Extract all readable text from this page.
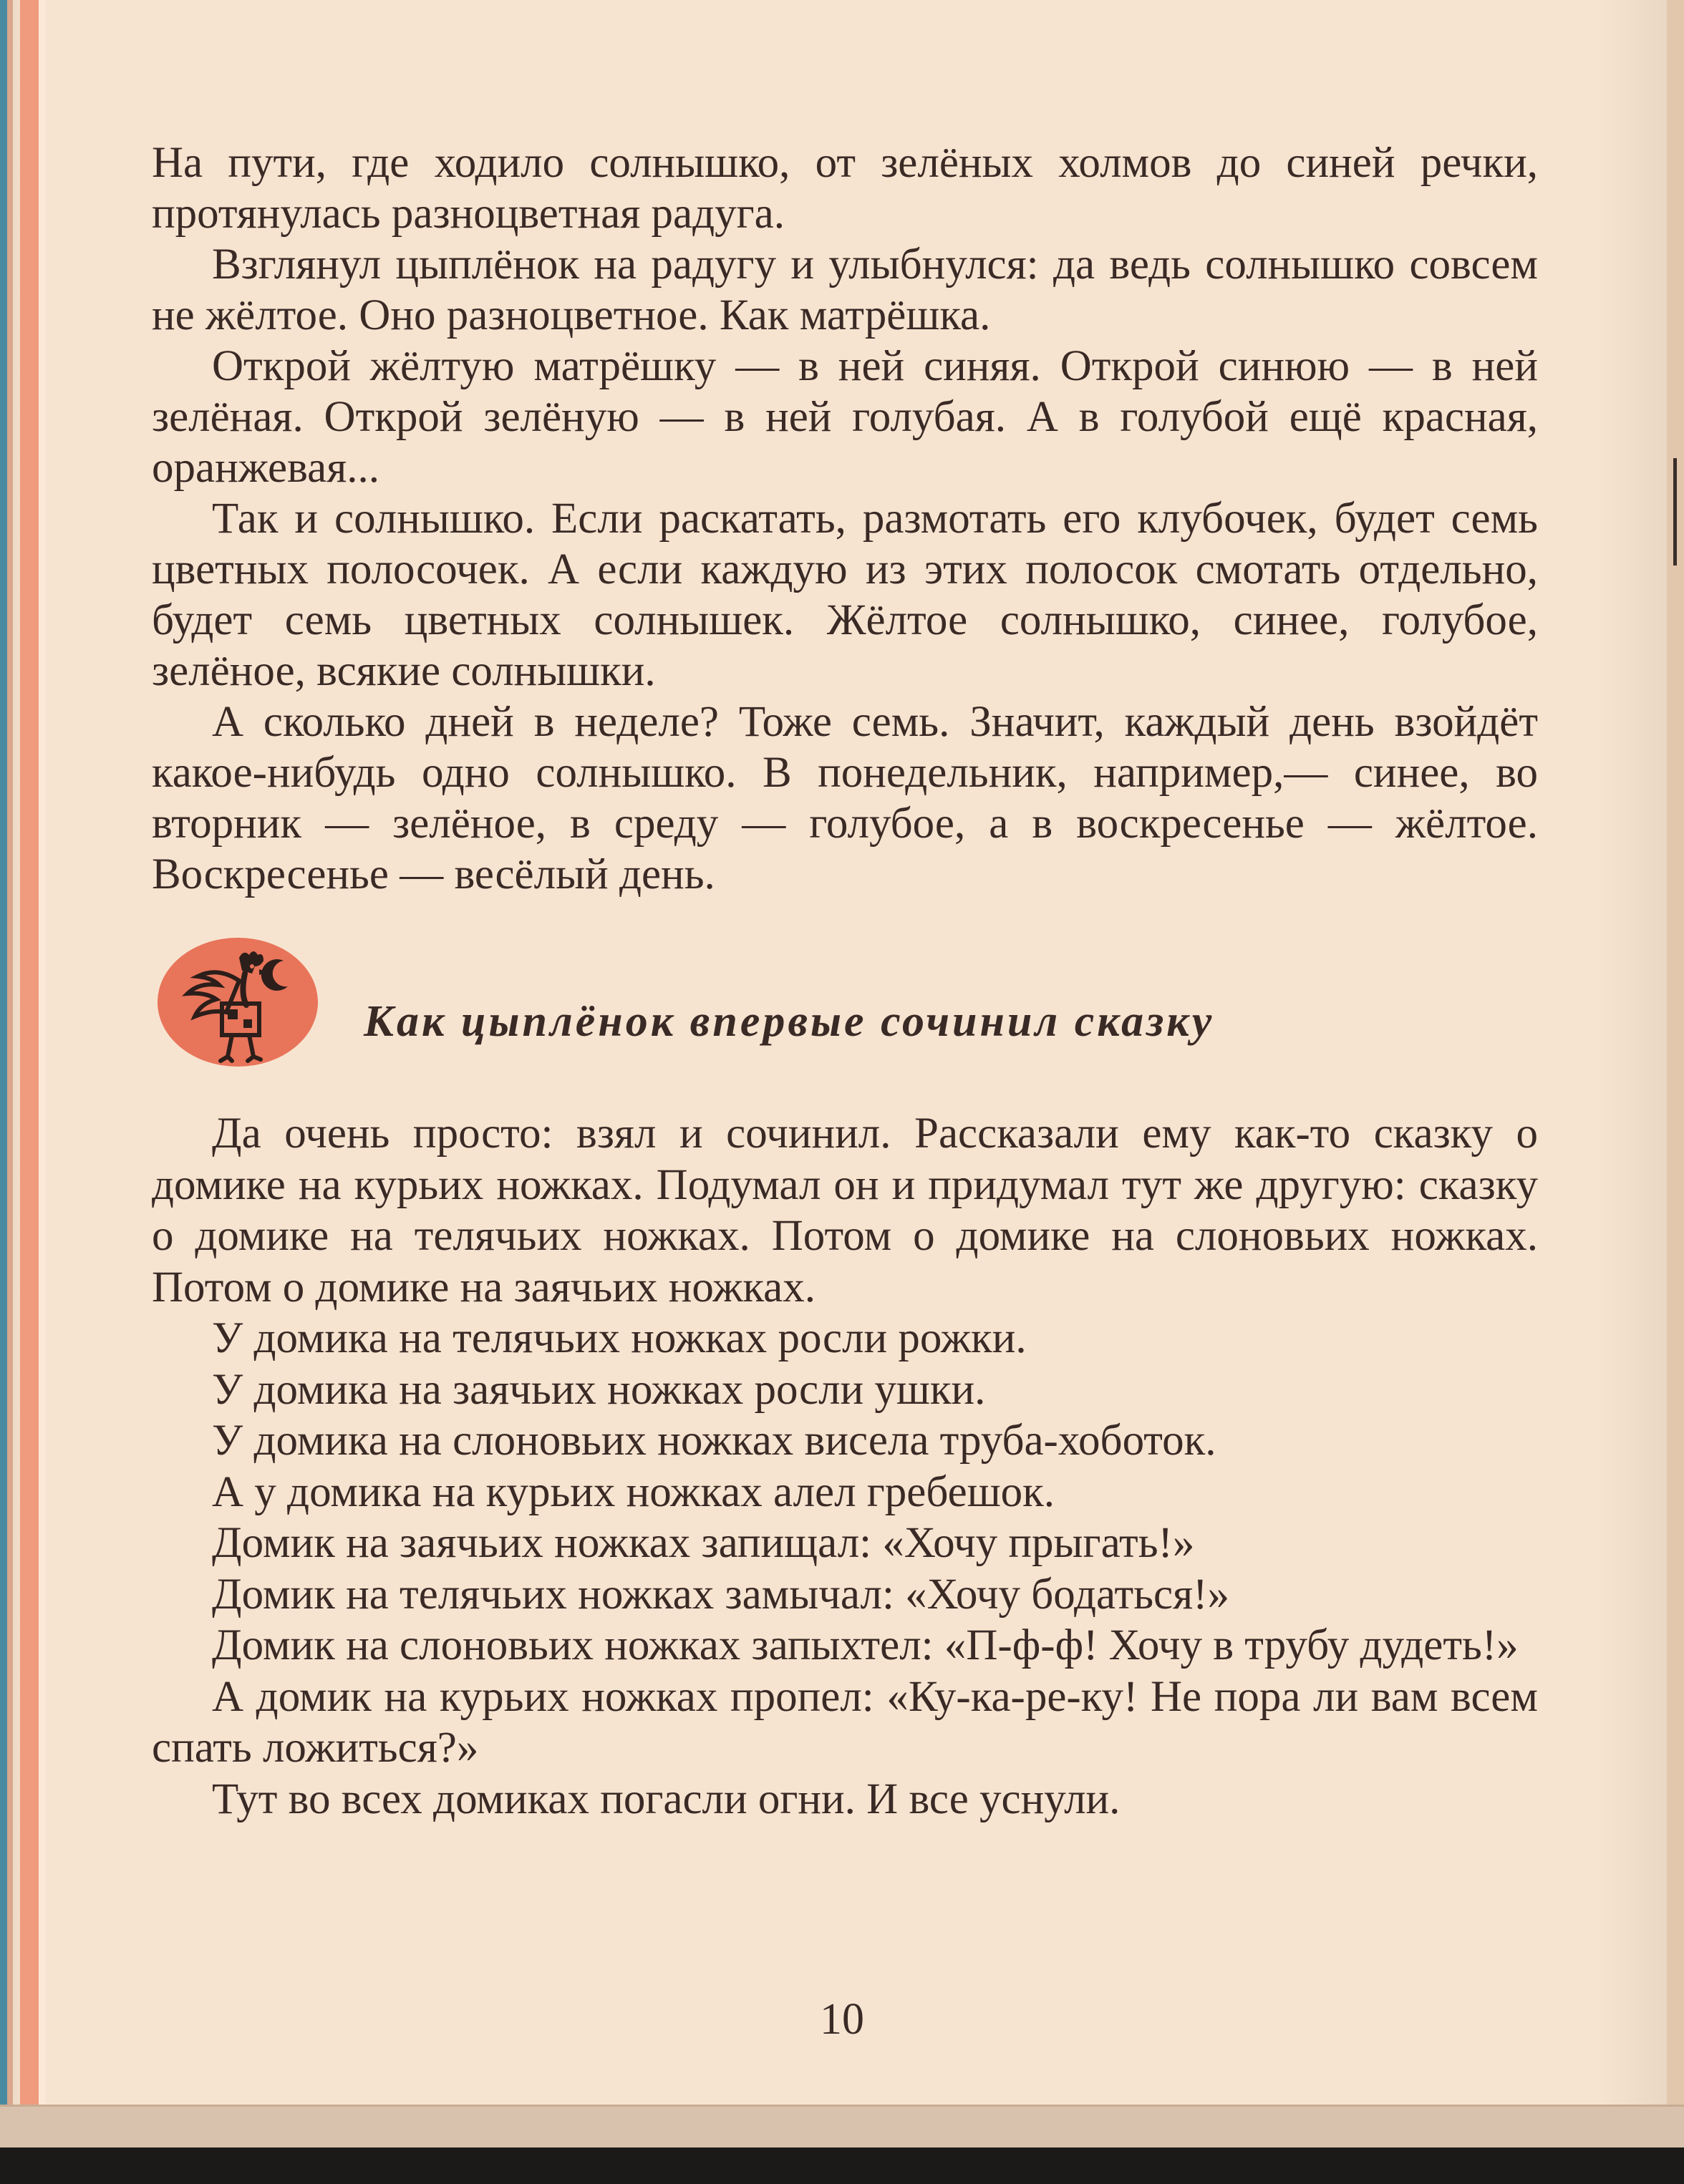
На пути, где ходило солнышко, от зелёных холмов до синей речки, протянулась разноцветная радуга.

Взглянул цыплёнок на радугу и улыбнулся: да ведь солнышко совсем не жёлтое. Оно разноцветное. Как матрёшка.

Открой жёлтую матрёшку — в ней синяя. Открой синюю — в ней зелёная. Открой зелёную — в ней голубая. А в голубой ещё красная, оранжевая...

Так и солнышко. Если раскатать, размотать его клубочек, будет семь цветных полосочек. А если каждую из этих полосок смотать отдельно, будет семь цветных солнышек. Жёлтое солнышко, синее, голубое, зелёное, всякие солнышки.

А сколько дней в неделе? Тоже семь. Значит, каждый день взойдёт какое-нибудь одно солнышко. В понедельник, например,— синее, во вторник — зелёное, в среду — голубое, а в воскресенье — жёлтое. Воскресенье — весёлый день.

Как цыплёнок впервые сочинил сказку

Да очень просто: взял и сочинил. Рассказали ему как-то сказку о домике на курьих ножках. Подумал он и придумал тут же другую: сказку о домике на телячьих ножках. Потом о домике на слоновьих ножках. Потом о домике на заячьих ножках.

У домика на телячьих ножках росли рожки.

У домика на заячьих ножках росли ушки.

У домика на слоновьих ножках висела труба-хоботок.

А у домика на курьих ножках алел гребешок.

Домик на заячьих ножках запищал: «Хочу прыгать!»

Домик на телячьих ножках замычал: «Хочу бодаться!»

Домик на слоновьих ножках запыхтел: «П-ф-ф! Хочу в трубу дудеть!»

А домик на курьих ножках пропел: «Ку-ка-ре-ку! Не пора ли вам всем спать ложиться?»

Тут во всех домиках погасли огни. И все уснули.

10
